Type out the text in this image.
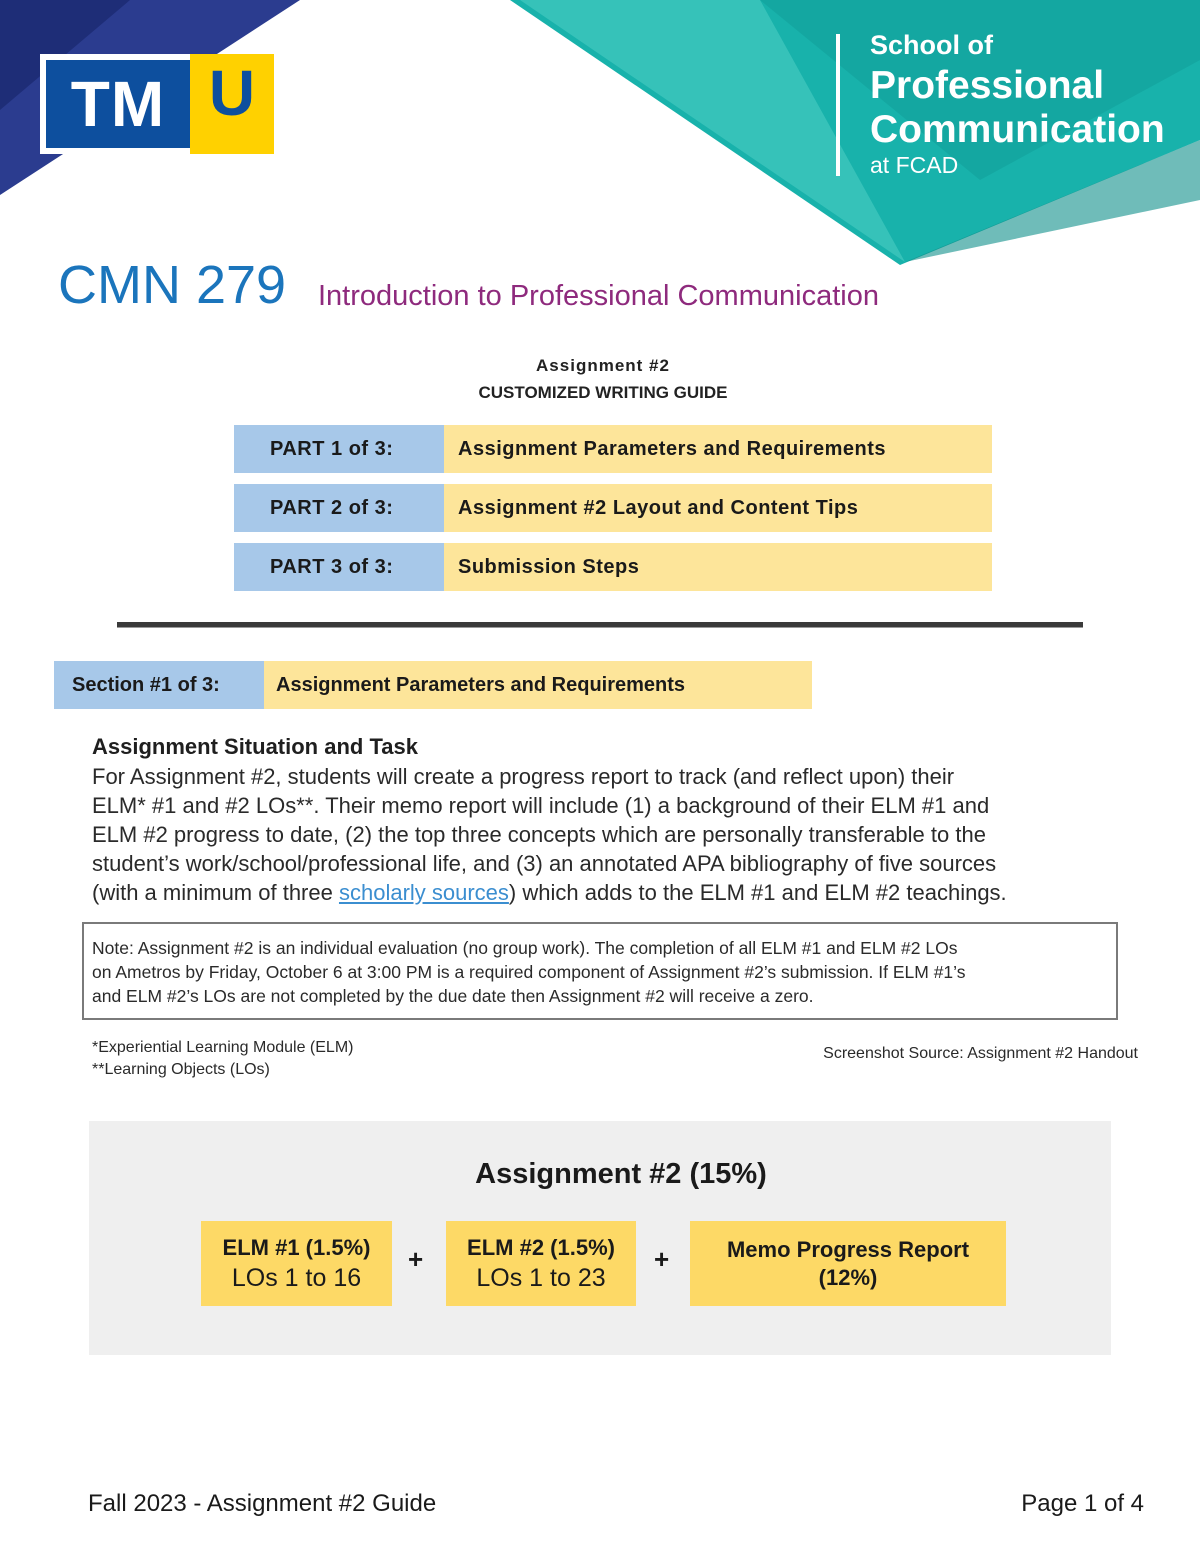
TM U
School of
Professional
Communication
at FCAD
CMN 279 Introduction to Professional Communication
Assignment #2
CUSTOMIZED WRITING GUIDE
PART 1 of 3:	Assignment Parameters and Requirements
PART 2 of 3:	Assignment #2 Layout and Content Tips
PART 3 of 3:	Submission Steps
Section #1 of 3:	Assignment Parameters and Requirements
Assignment Situation and Task

For Assignment #2, students will create a progress report to track (and reflect upon) their

ELM* #1 and #2 LOs**. Their memo report will include (1) a background of their ELM #1 and

ELM #2 progress to date, (2) the top three concepts which are personally transferable to the

student’s work/school/professional life, and (3) an annotated APA bibliography of five sources

(with a minimum of three scholarly sources) which adds to the ELM #1 and ELM #2 teachings.

Note: Assignment #2 is an individual evaluation (no group work). The completion of all ELM #1 and ELM #2 LOs

on Ametros by Friday, October 6 at 3:00 PM is a required component of Assignment #2’s submission. If ELM #1’s

and ELM #2’s LOs are not completed by the due date then Assignment #2 will receive a zero.

*Experiential Learning Module (ELM)
**Learning Objects (LOs)
Screenshot Source: Assignment #2 Handout
Assignment #2 (15%)
ELM #1 (1.5%)
LOs 1 to 16
+	ELM #2 (1.5%)
LOs 1 to 23
+	Memo Progress Report
(12%)
Fall 2023 - Assignment #2 Guide	Page 1 of 4
